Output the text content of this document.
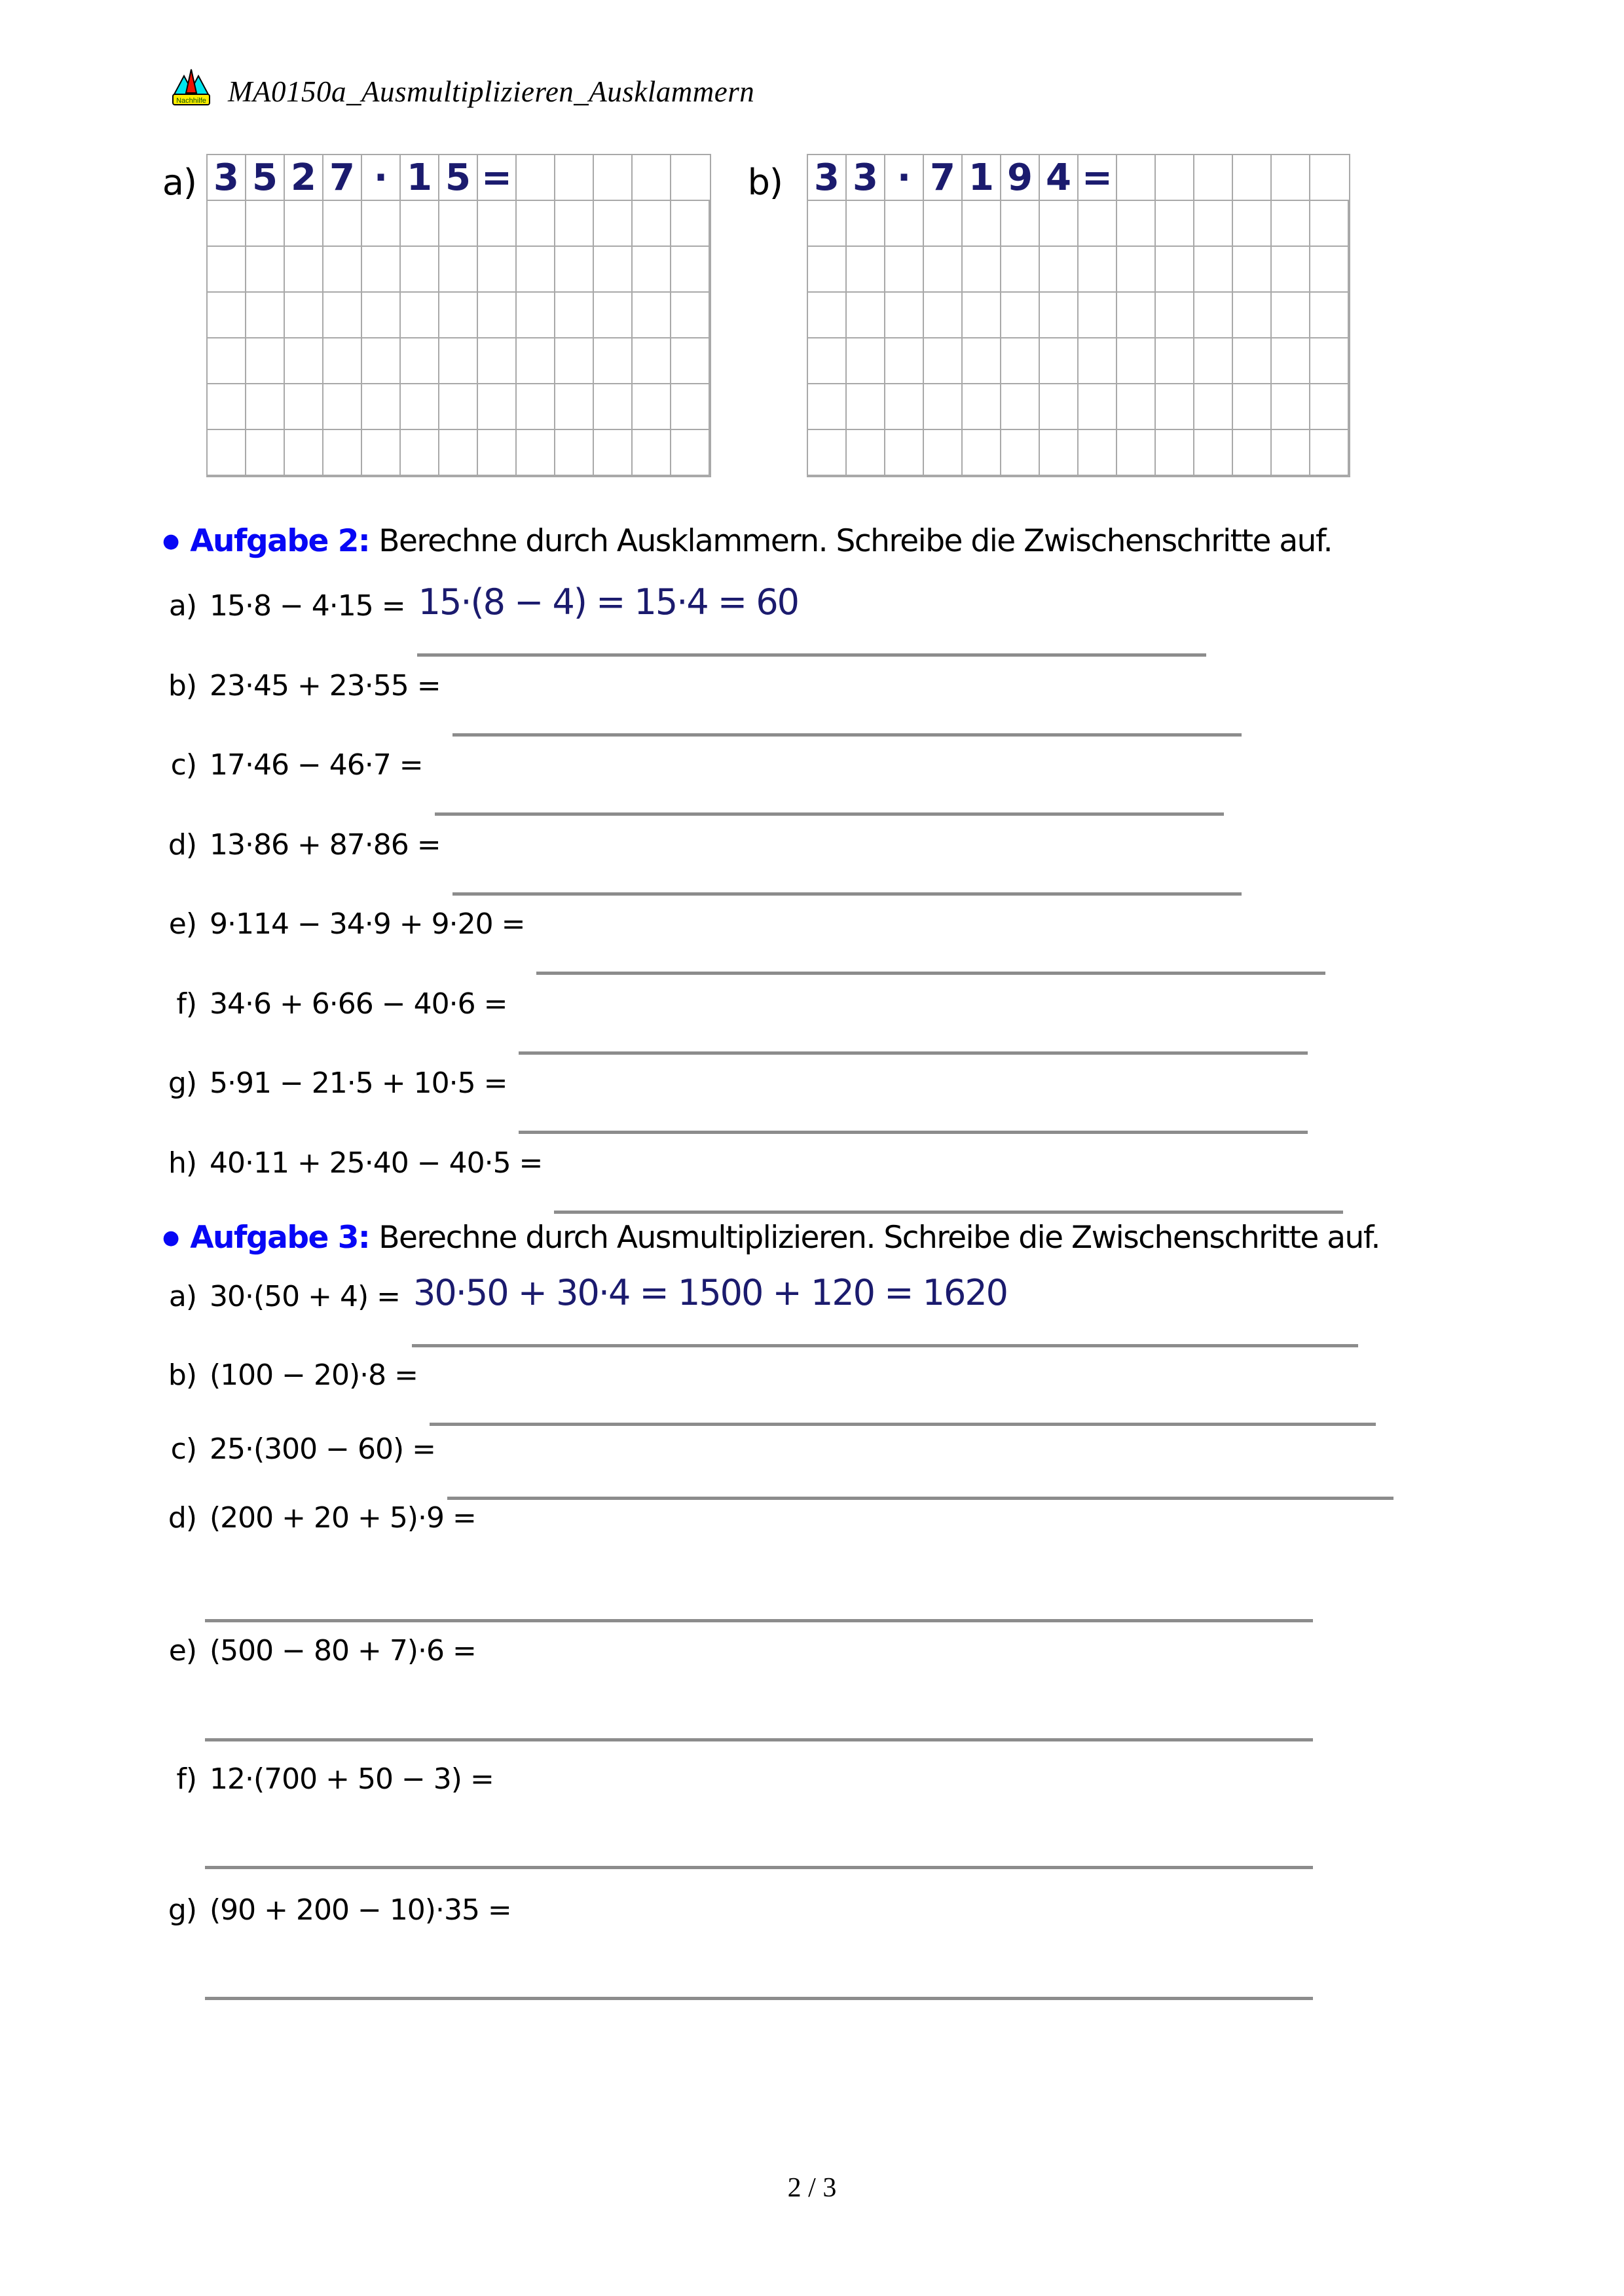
Nachhilfe MA0150a_Ausmultiplizieren_Ausklammern
a) 3 5 2 7 · 1 5 =	b) 3 3 · 7 1 9 4 =
● Aufgabe 2: Berechne durch Ausklammern. Schreibe die Zwischenschritte auf.
a) 15·8 − 4·15 = 15·(8 − 4) = 15·4 = 60
b) 23·45 + 23·55 =
c) 17·46 − 46·7 =
d) 13·86 + 87·86 =
e) 9·114 − 34·9 + 9·20 =
f) 34·6 + 6·66 − 40·6 =
g) 5·91 − 21·5 + 10·5 =
h) 40·11 + 25·40 − 40·5 =
● Aufgabe 3: Berechne durch Ausmultiplizieren. Schreibe die Zwischenschritte auf.
a) 30·(50 + 4) = 30·50 + 30·4 = 1500 + 120 = 1620
b) (100 − 20)·8 =
c) 25·(300 − 60) =
d) (200 + 20 + 5)·9 =
e) (500 − 80 + 7)·6 =
f) 12·(700 + 50 − 3) =
g) (90 + 200 − 10)·35 =
2 / 3
